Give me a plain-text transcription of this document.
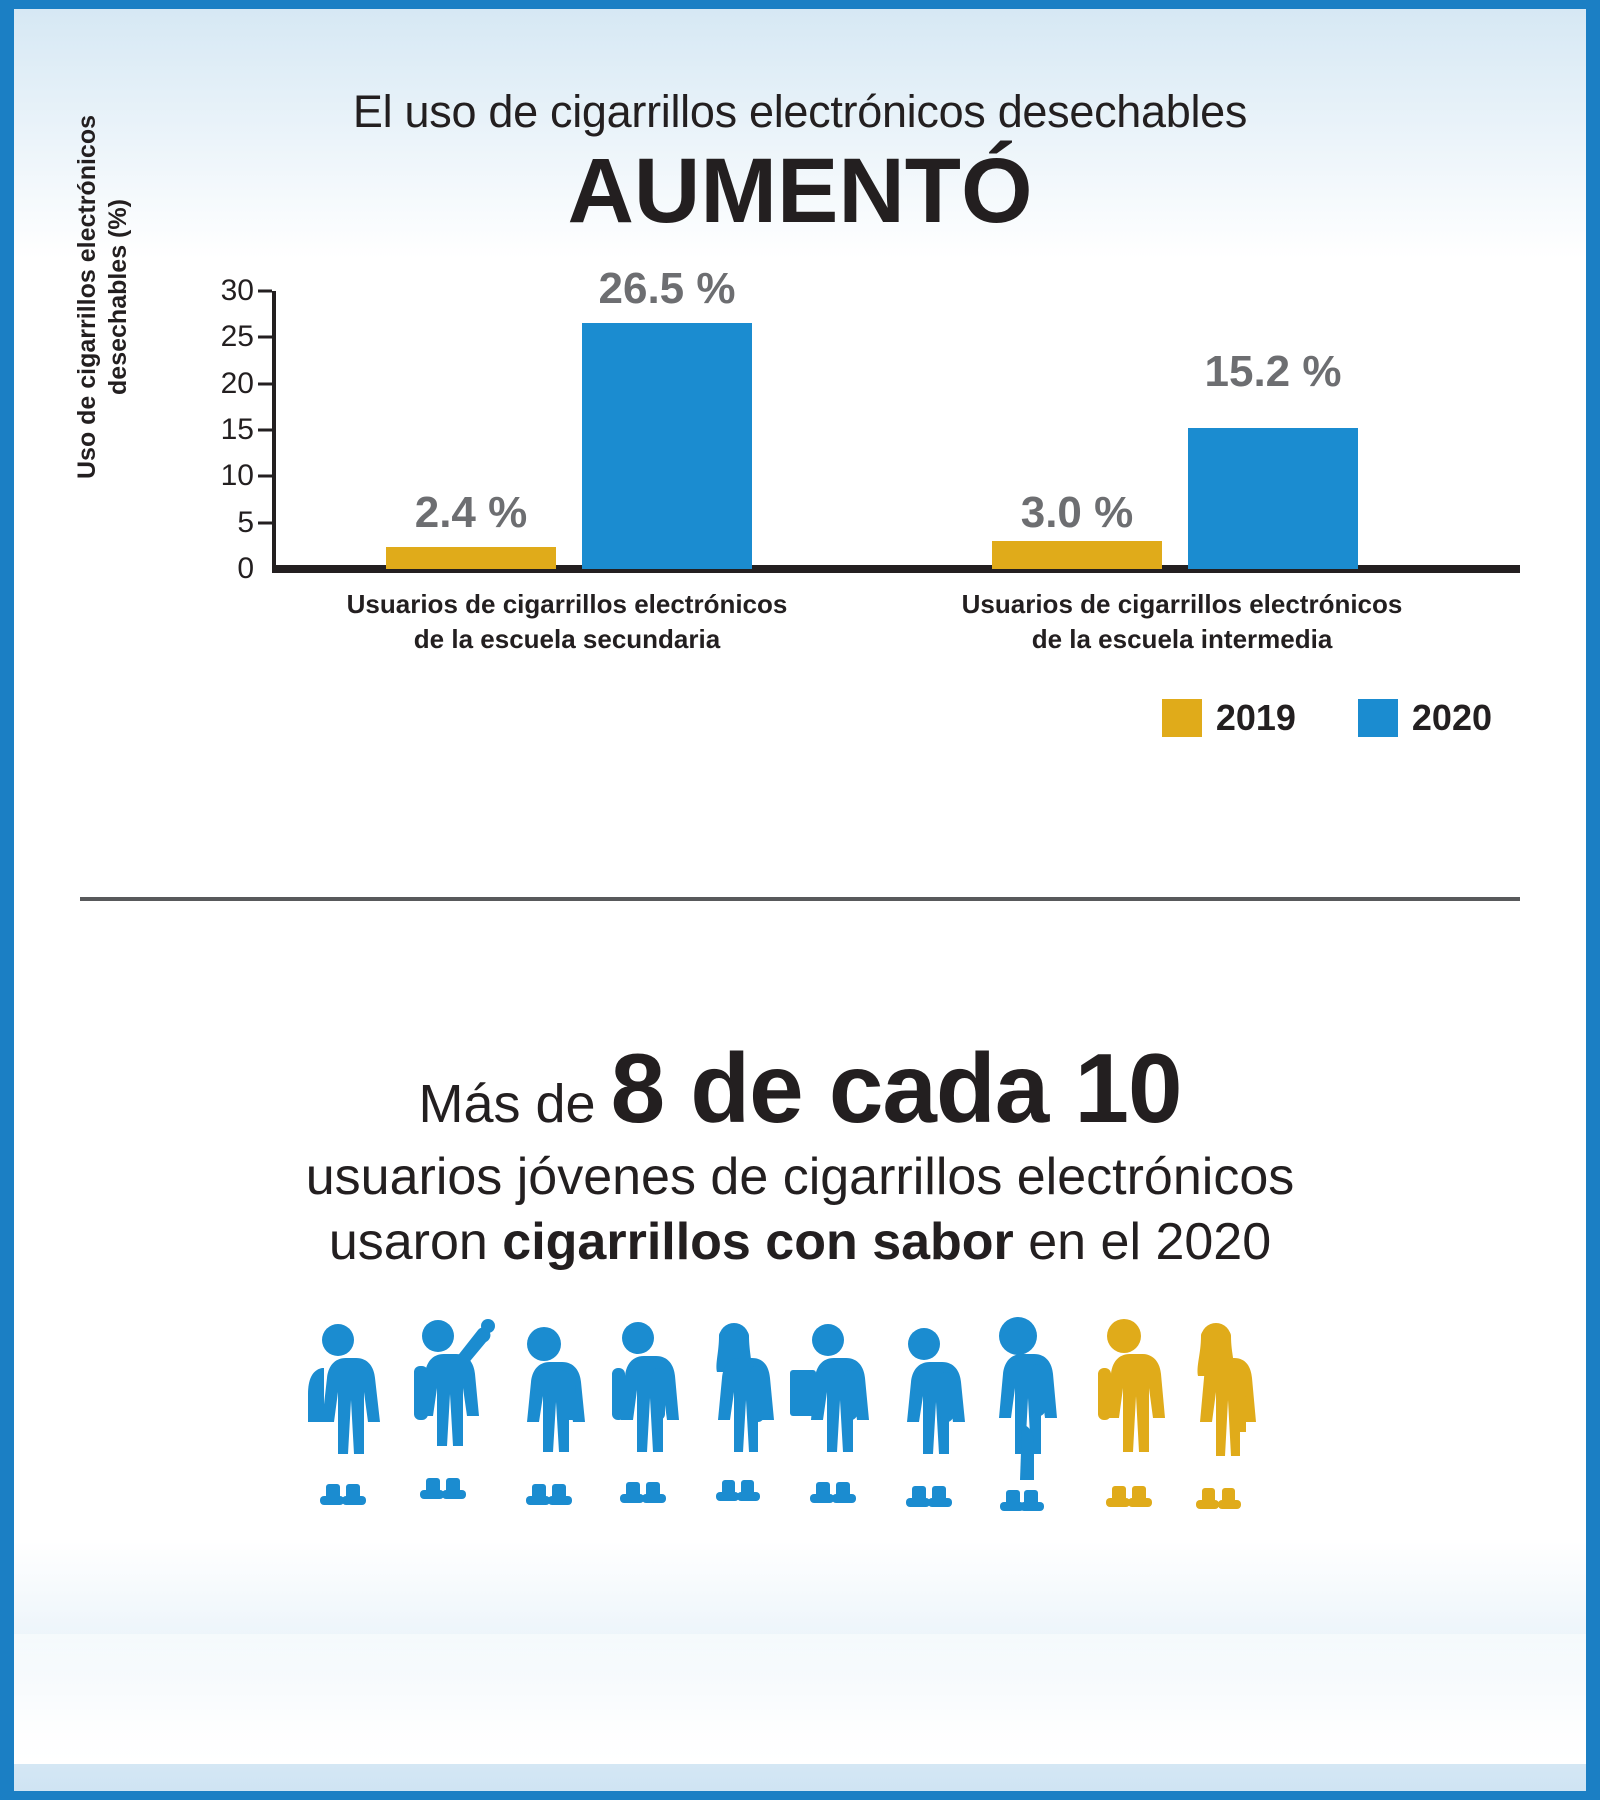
El uso de cigarrillos electrónicos desechables
AUMENTÓ
Uso de cigarrillos electrónicos desechables (%)
0
5
10
15
20
25
30
2.4 %
26.5 %
3.0 %
15.2 %
Usuarios de cigarrillos electrónicos
de la escuela secundaria
Usuarios de cigarrillos electrónicos
de la escuela intermedia
2019	2020
Más de 8 de cada 10
usuarios jóvenes de cigarrillos electrónicos
usaron cigarrillos con sabor en el 2020
